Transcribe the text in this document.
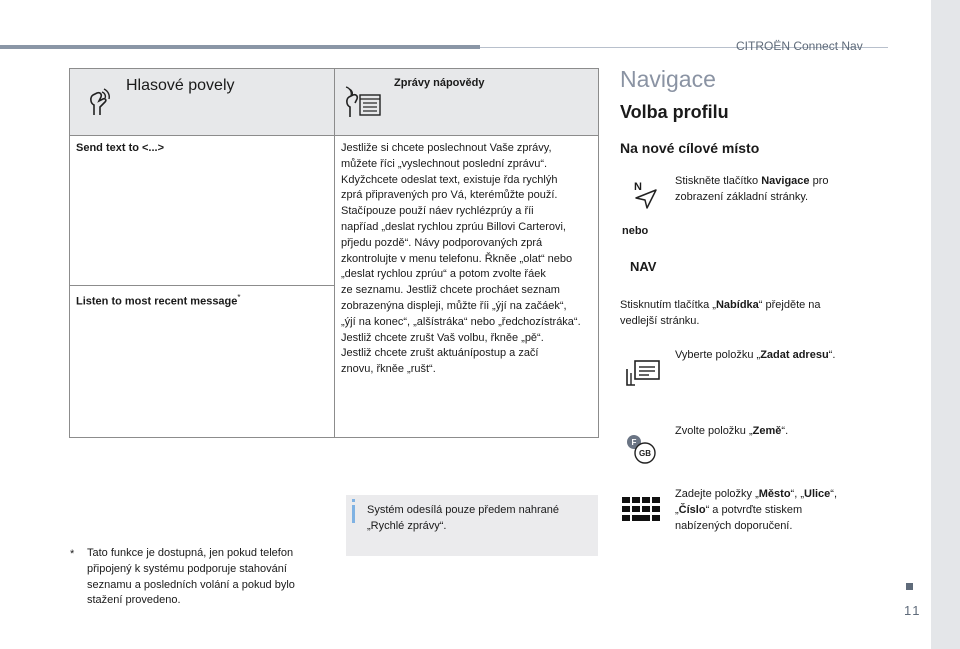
CITROËN Connect Nav
11
Hlasové povely	Zprávy nápovědy
Send text to <...>
Listen to most recent message*
Jestliže si chcete poslechnout Vaše zprávy,
můžete říci „vyslechnout poslední zprávu“.
Kdyžchcete odeslat text, existuje řda rychlýh
zprá připravených pro Vá, kterémůžte použí.
Stačípouze použí náev rychlézprúy a říi
napříad „deslat rychlou zprúu Billovi Carterovi,
přjedu pozdě“. Návy podporovaných zprá
zkontrolujte v menu telefonu. Řkněe „olat“ nebo
„deslat rychlou zprúu“ a potom zvolte řáek
ze seznamu. Jestliž chcete procháet seznam
zobrazenýna displeji, můžte říi „ýjí na začáek“,
„ýjí na konec“, „alšístráka“ nebo „ředchozístráka“.
Jestliž chcete zrušt Vaš volbu, řkněe „pě“.
Jestliž chcete zrušt aktuánípostup a začí
znovu, řkněe „rušt“.
* Tato funkce je dostupná, jen pokud telefon
připojený k systému podporuje stahování
seznamu a posledních volání a pokud bylo
stažení provedeno.
Systém odesílá pouze předem nahrané
„Rychlé zprávy“.
Navigace
Volba profilu
Na nové cílové místo
N	Stiskněte tlačítko Navigace pro
zobrazení základní stránky.
nebo
NAV
Stisknutím tlačítka „Nabídka“ přejděte na
vedlejší stránku.
Vyberte položku „Zadat adresu“.
F
GB
Zvolte položku „Země“.
Zadejte položky „Město“, „Ulice“,
„Číslo“ a potvrďte stiskem
nabízených doporučení.
